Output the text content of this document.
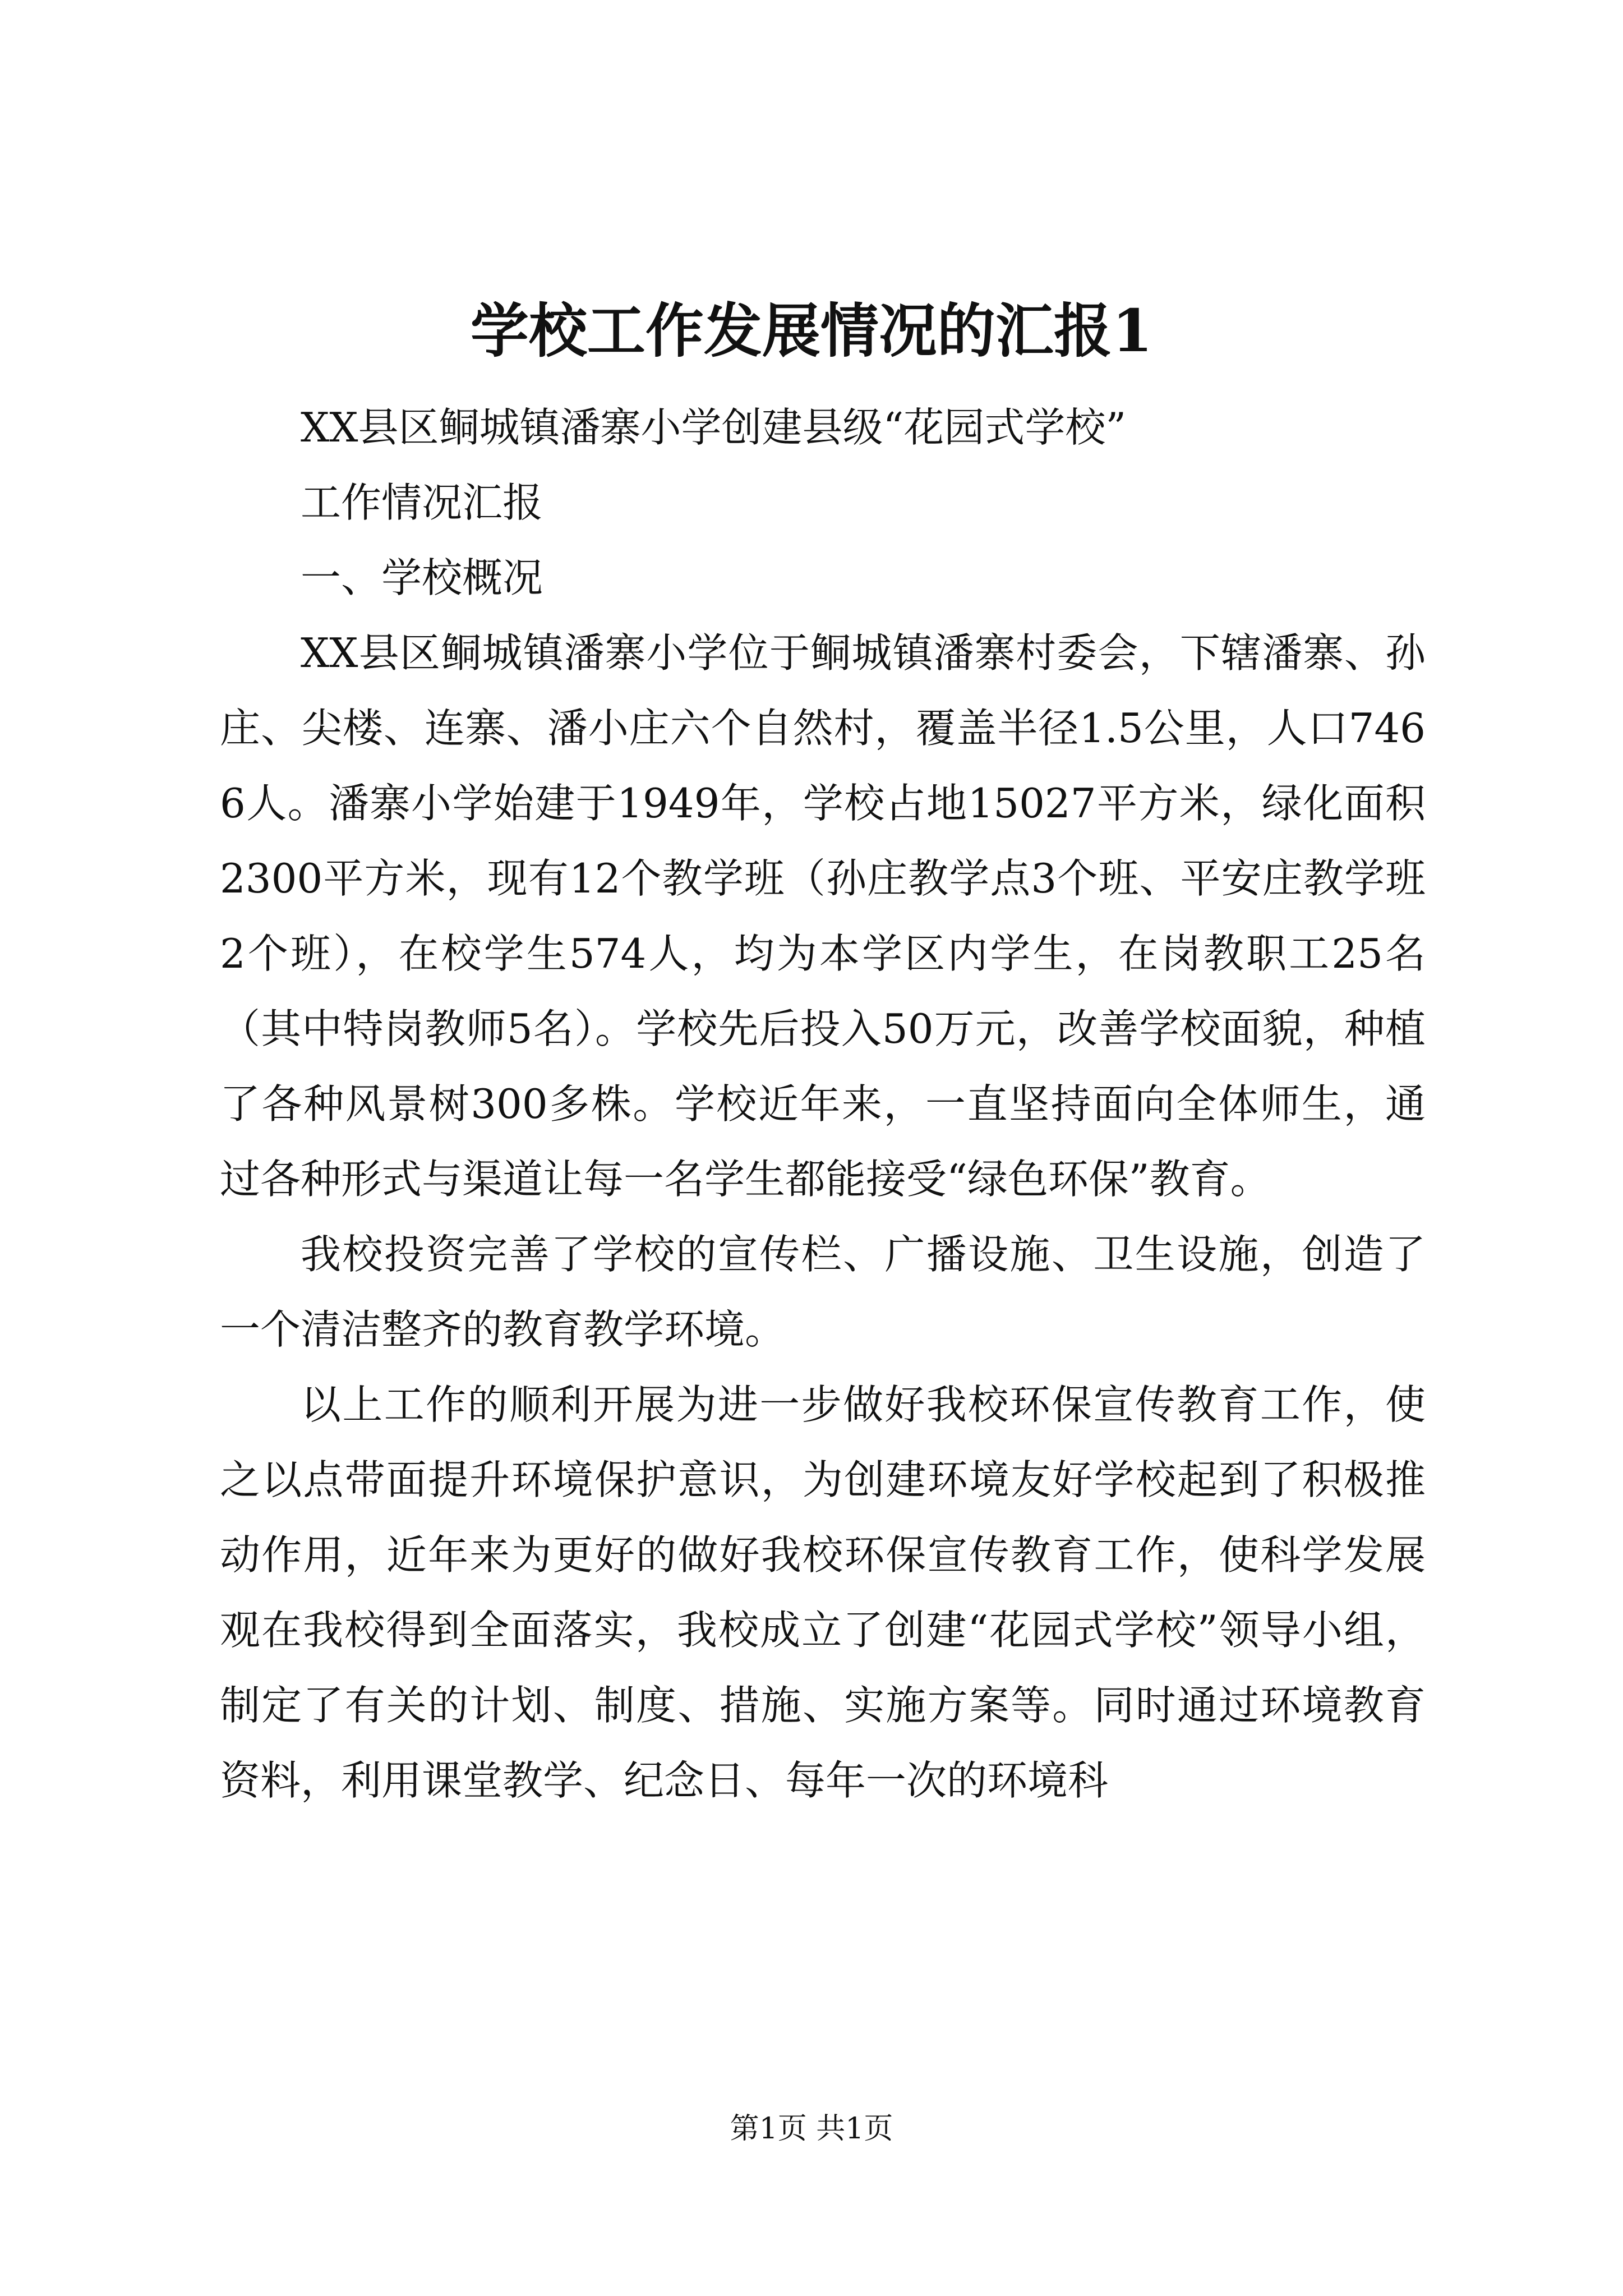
学校工作发展情况的汇报1

XX县区鲖城镇潘寨小学创建县级“花园式学校”

工作情况汇报

一、学校概况

XX县区鲖城镇潘寨小学位于鲖城镇潘寨村委会，下辖潘寨、孙庄、尖楼、连寨、潘小庄六个自然村，覆盖半径1.5公里，人口7466人。潘寨小学始建于1949年，学校占地15027平方米，绿化面积2300平方米，现有12个教学班（孙庄教学点3个班、平安庄教学班2个班），在校学生574人，均为本学区内学生，在岗教职工25名（其中特岗教师5名）。学校先后投入50万元，改善学校面貌，种植了各种风景树300多株。学校近年来，一直坚持面向全体师生，通过各种形式与渠道让每一名学生都能接受“绿色环保”教育。

我校投资完善了学校的宣传栏、广播设施、卫生设施，创造了一个清洁整齐的教育教学环境。

以上工作的顺利开展为进一步做好我校环保宣传教育工作，使之以点带面提升环境保护意识，为创建环境友好学校起到了积极推动作用，近年来为更好的做好我校环保宣传教育工作，使科学发展观在我校得到全面落实，我校成立了创建“花园式学校”领导小组，制定了有关的计划、制度、措施、实施方案等。同时通过环境教育资料，利用课堂教学、纪念日、每年一次的环境科

第1页 共1页
